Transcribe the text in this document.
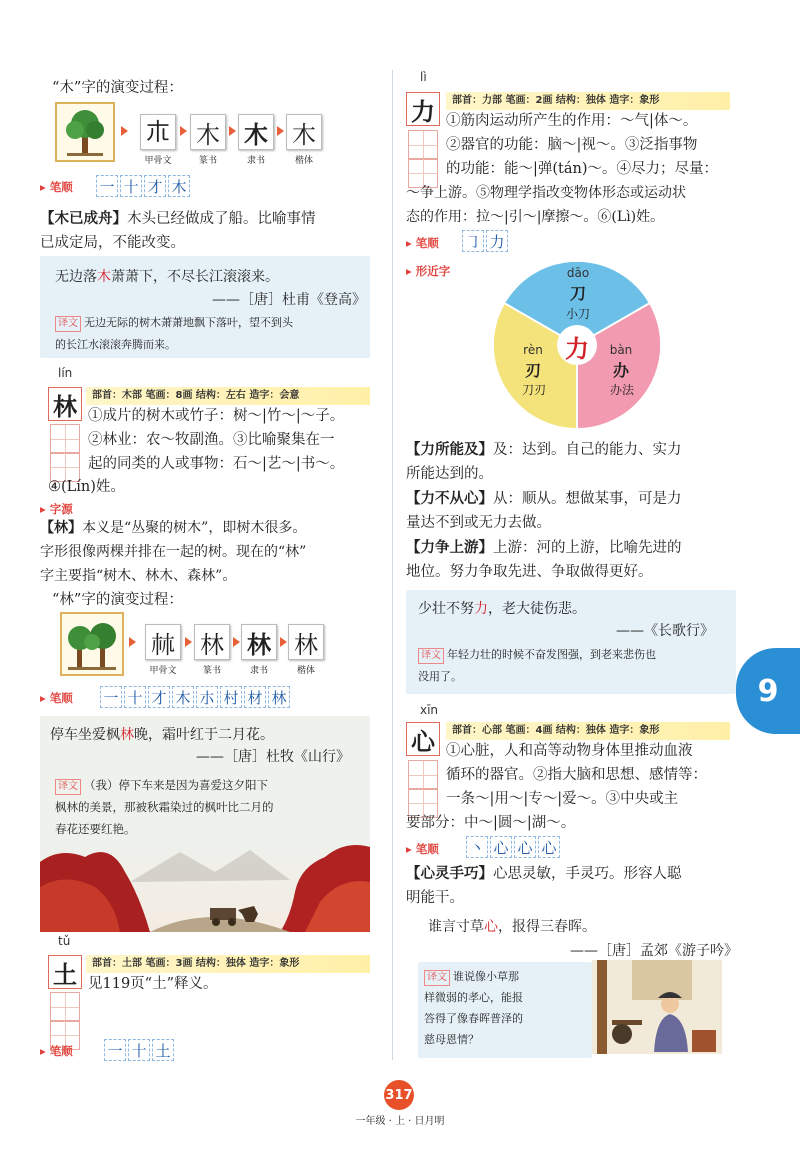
“木”字的演变过程：
𣎳 木 木 木
甲骨文	篆书	隶书	楷体
▸ 笔顺 一 十 才 木
【木已成舟】木头已经做成了船。比喻事情
已成定局，不能改变。
无边落木萧萧下，不尽长江滚滚来。
——［唐］杜甫《登高》
译文 无边无际的树木萧萧地飘下落叶，望不到头
的长江水滚滚奔腾而来。
lín
林	部首：木部 笔画：8画 结构：左右 造字：会意
①成片的树木或竹子：树～|竹～|～子。
②林业：农～牧副渔。③比喻聚集在一
起的同类的人或事物：石～|艺～|书～。
④(Lín)姓。
▸ 字源
【林】本义是“丛聚的树木”，即树木很多。
字形很像两棵并排在一起的树。现在的“林”
字主要指“树木、林木、森林”。
“林”字的演变过程：
𣏟 林 林 林
甲骨文	篆书	隶书	楷体
▸ 笔顺 一 十 才 木 朩 村 材 林
停车坐爱枫林晚，霜叶红于二月花。
——［唐］杜牧《山行》
译文 （我）停下车来是因为喜爱这夕阳下
枫林的美景，那被秋霜染过的枫叶比二月的
春花还要红艳。
tǔ
土	部首：土部 笔画：3画 结构：独体 造字：象形
见119页“土”释义。
▸ 笔顺 一 十 土
lì
力	部首：力部 笔画：2画 结构：独体 造字：象形
①筋肉运动所产生的作用：～气|体～。
②器官的功能：脑～|视～。③泛指事物
的功能：能～|弹(tán)～。④尽力；尽量：
～争上游。⑤物理学指改变物体形态或运动状
态的作用：拉～|引～|摩擦～。⑥(Lì)姓。
▸ 笔顺 ㇆ 力
▸ 形近字
力
dāo
刀
小刀
rèn
刃
刀刃
bàn
办
办法
【力所能及】及：达到。自己的能力、实力
所能达到的。
【力不从心】从：顺从。想做某事，可是力
量达不到或无力去做。
【力争上游】上游：河的上游，比喻先进的
地位。努力争取先进、争取做得更好。
少壮不努力，老大徒伤悲。
——《长歌行》
译文 年轻力壮的时候不奋发图强，到老来悲伤也
没用了。
xīn
心	部首：心部 笔画：4画 结构：独体 造字：象形
①心脏，人和高等动物身体里推动血液
循环的器官。②指大脑和思想、感情等：
一条～|用～|专～|爱～。③中央或主
要部分：中～|圆～|湖～。
▸ 笔顺 丶 心 心 心
【心灵手巧】心思灵敏，手灵巧。形容人聪
明能干。
谁言寸草心，报得三春晖。
——［唐］孟郊《游子吟》
译文 谁说像小草那
样微弱的孝心，能报
答得了像春晖普泽的
慈母恩情？
9
317
一年级 · 上 · 日月明
